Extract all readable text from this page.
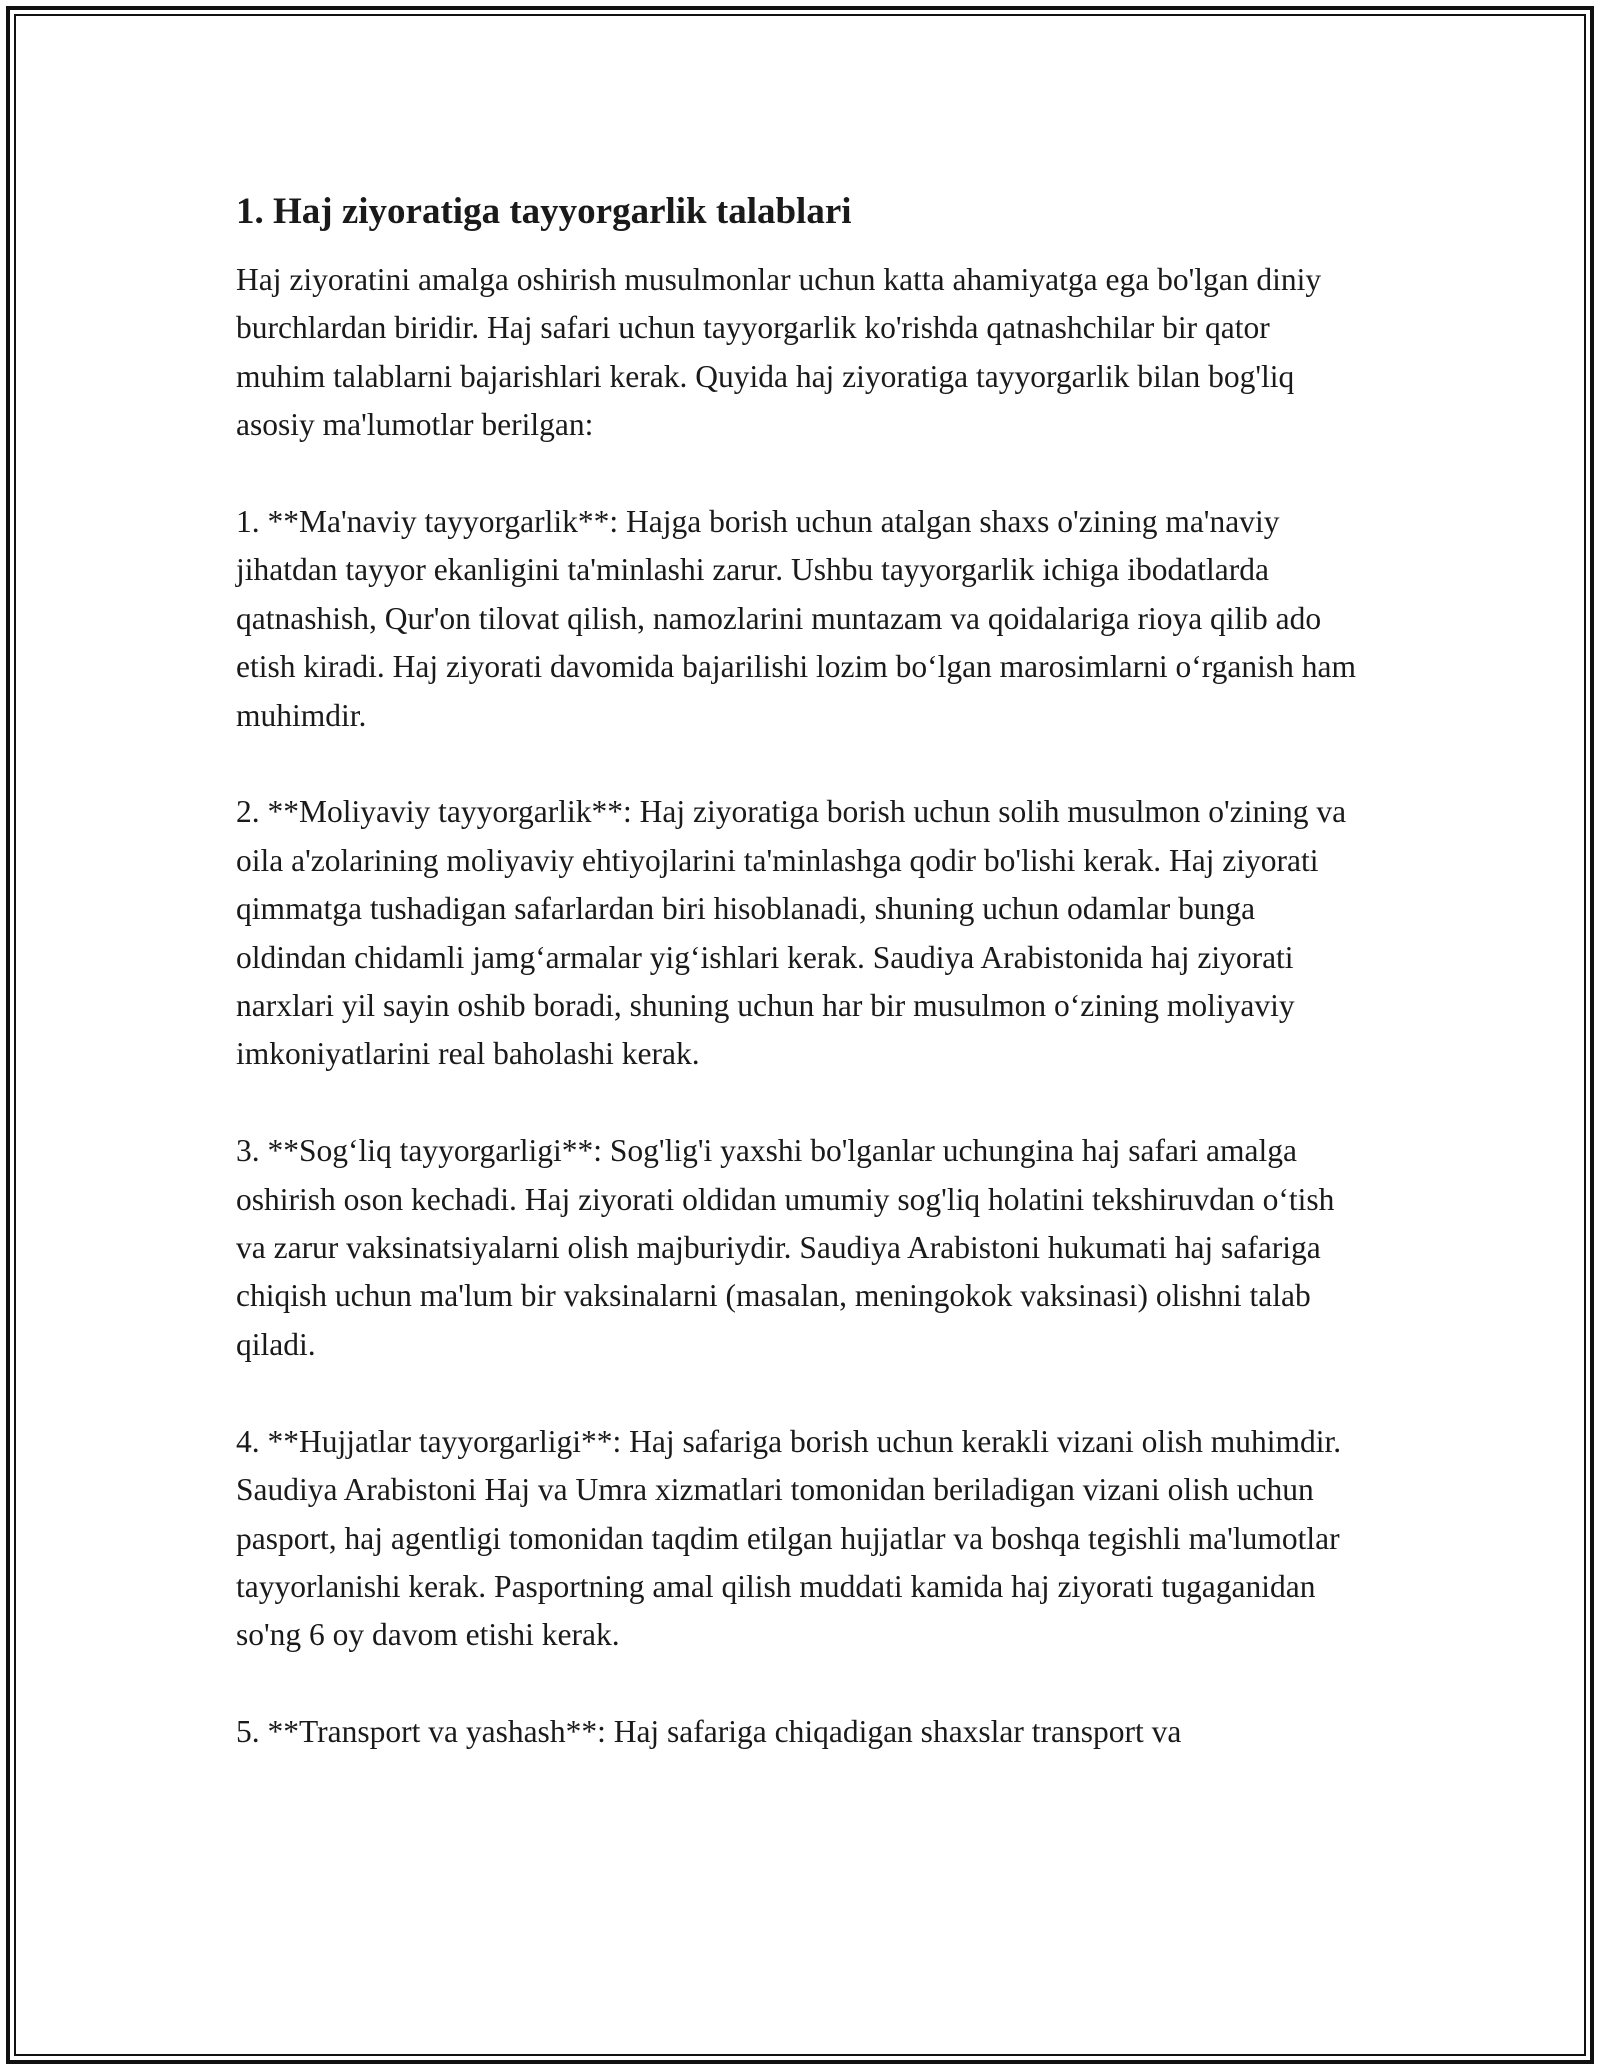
1. Haj ziyoratiga tayyorgarlik talablari

Haj ziyoratini amalga oshirish musulmonlar uchun katta ahamiyatga ega bo'lgan diniy burchlardan biridir. Haj safari uchun tayyorgarlik ko'rishda qatnashchilar bir qator muhim talablarni bajarishlari kerak. Quyida haj ziyoratiga tayyorgarlik bilan bog'liq asosiy ma'lumotlar berilgan:

1. **Ma'naviy tayyorgarlik**: Hajga borish uchun atalgan shaxs o'zining ma'naviy jihatdan tayyor ekanligini ta'minlashi zarur. Ushbu tayyorgarlik ichiga ibodatlarda qatnashish, Qur'on tilovat qilish, namozlarini muntazam va qoidalariga rioya qilib ado etish kiradi. Haj ziyorati davomida bajarilishi lozim bo‘lgan marosimlarni o‘rganish ham muhimdir.

2. **Moliyaviy tayyorgarlik**: Haj ziyoratiga borish uchun solih musulmon o'zining va oila a'zolarining moliyaviy ehtiyojlarini ta'minlashga qodir bo'lishi kerak. Haj ziyorati qimmatga tushadigan safarlardan biri hisoblanadi, shuning uchun odamlar bunga oldindan chidamli jamg‘armalar yig‘ishlari kerak. Saudiya Arabistonida haj ziyorati narxlari yil sayin oshib boradi, shuning uchun har bir musulmon o‘zining moliyaviy imkoniyatlarini real baholashi kerak.

3. **Sog‘liq tayyorgarligi**: Sog'lig'i yaxshi bo'lganlar uchungina haj safari amalga oshirish oson kechadi. Haj ziyorati oldidan umumiy sog'liq holatini tekshiruvdan o‘tish va zarur vaksinatsiyalarni olish majburiydir. Saudiya Arabistoni hukumati haj safariga chiqish uchun ma'lum bir vaksinalarni (masalan, meningokok vaksinasi) olishni talab qiladi.

4. **Hujjatlar tayyorgarligi**: Haj safariga borish uchun kerakli vizani olish muhimdir. Saudiya Arabistoni Haj va Umra xizmatlari tomonidan beriladigan vizani olish uchun pasport, haj agentligi tomonidan taqdim etilgan hujjatlar va boshqa tegishli ma'lumotlar tayyorlanishi kerak. Pasportning amal qilish muddati kamida haj ziyorati tugaganidan so'ng 6 oy davom etishi kerak.

5. **Transport va yashash**: Haj safariga chiqadigan shaxslar transport va
